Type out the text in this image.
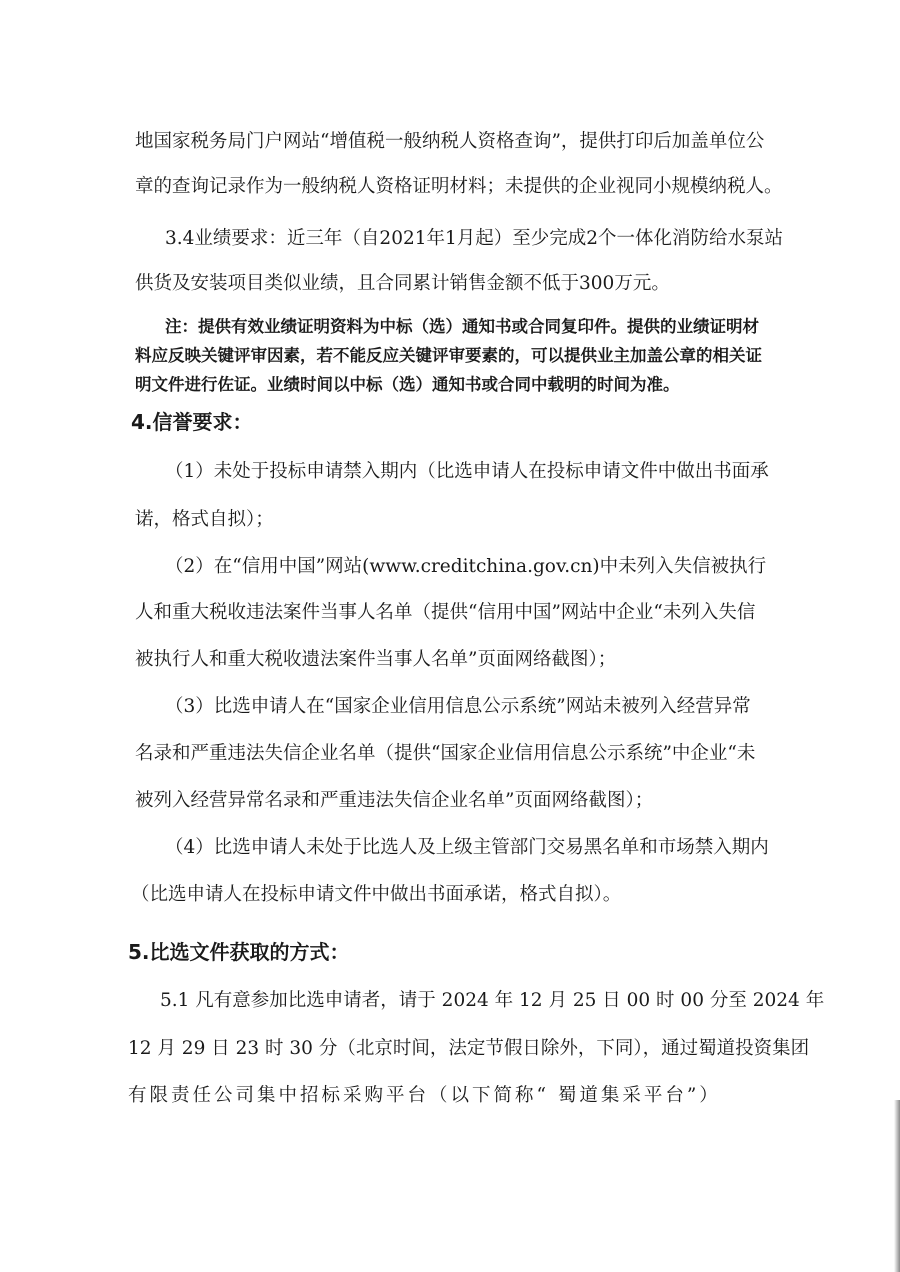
地国家税务局门户网站“增值税一般纳税人资格查询”，提供打印后加盖单位公

章的查询记录作为一般纳税人资格证明材料；未提供的企业视同小规模纳税人。

3.4业绩要求：近三年（自2021年1月起）至少完成2个一体化消防给水泵站

供货及安装项目类似业绩，且合同累计销售金额不低于300万元。

注：提供有效业绩证明资料为中标（选）通知书或合同复印件。提供的业绩证明材

料应反映关键评审因素，若不能反应关键评审要素的，可以提供业主加盖公章的相关证

明文件进行佐证。业绩时间以中标（选）通知书或合同中载明的时间为准。

4.信誉要求：

（1）未处于投标申请禁入期内（比选申请人在投标申请文件中做出书面承

诺，格式自拟）；

（2）在“信用中国”网站(www.creditchina.gov.cn)中未列入失信被执行

人和重大税收违法案件当事人名单（提供“信用中国”网站中企业“未列入失信

被执行人和重大税收遗法案件当事人名单”页面网络截图）；

（3）比选申请人在“国家企业信用信息公示系统”网站未被列入经营异常

名录和严重违法失信企业名单（提供“国家企业信用信息公示系统”中企业“未

被列入经营异常名录和严重违法失信企业名单”页面网络截图）；

（4）比选申请人未处于比选人及上级主管部门交易黑名单和市场禁入期内

（比选申请人在投标申请文件中做出书面承诺，格式自拟）。

5.比选文件获取的方式：

5.1 凡有意参加比选申请者，请于 2024 年 12 月 25 日 00 时 00 分至 2024 年

12 月 29 日 23 时 30 分（北京时间，法定节假日除外，下同），通过蜀道投资集团

有限责任公司集中招标采购平台（以下简称“ 蜀道集采平台”）
